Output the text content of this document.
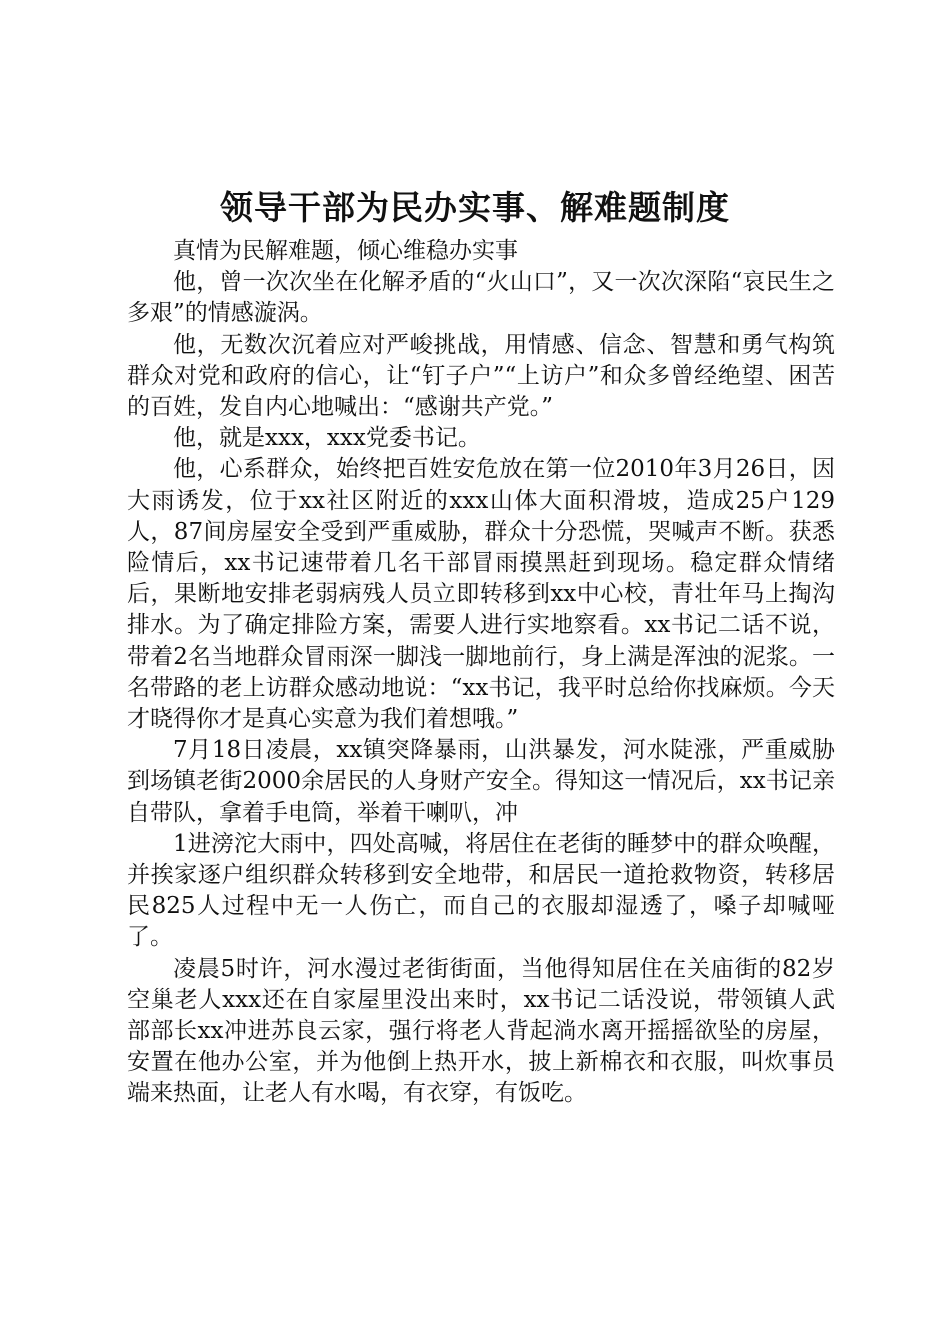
领导干部为民办实事、解难题制度

真情为民解难题，倾心维稳办实事

他，曾一次次坐在化解矛盾的“火山口”，又一次次深陷“哀民生之多艰”的情感漩涡。

他，无数次沉着应对严峻挑战，用情感、信念、智慧和勇气构筑群众对党和政府的信心，让“钉子户”“上访户”和众多曾经绝望、困苦的百姓，发自内心地喊出：“感谢共产党。”

他，就是xxx，xxx党委书记。

他，心系群众，始终把百姓安危放在第一位2010年3月26日，因大雨诱发，位于xx社区附近的xxx山体大面积滑坡，造成25户129人，87间房屋安全受到严重威胁，群众十分恐慌，哭喊声不断。获悉险情后，xx书记速带着几名干部冒雨摸黑赶到现场。稳定群众情绪后，果断地安排老弱病残人员立即转移到xx中心校，青壮年马上掏沟排水。为了确定排险方案，需要人进行实地察看。xx书记二话不说，带着2名当地群众冒雨深一脚浅一脚地前行，身上满是浑浊的泥浆。一名带路的老上访群众感动地说：“xx书记，我平时总给你找麻烦。今天才晓得你才是真心实意为我们着想哦。”

7月18日凌晨，xx镇突降暴雨，山洪暴发，河水陡涨，严重威胁到场镇老街2000余居民的人身财产安全。得知这一情况后，xx书记亲自带队，拿着手电筒，举着干喇叭，冲

1进滂沱大雨中，四处高喊，将居住在老街的睡梦中的群众唤醒，并挨家逐户组织群众转移到安全地带，和居民一道抢救物资，转移居民825人过程中无一人伤亡，而自己的衣服却湿透了，嗓子却喊哑了。

凌晨5时许，河水漫过老街街面，当他得知居住在关庙街的82岁空巢老人xxx还在自家屋里没出来时，xx书记二话没说，带领镇人武部部长xx冲进苏良云家，强行将老人背起淌水离开摇摇欲坠的房屋，安置在他办公室，并为他倒上热开水，披上新棉衣和衣服，叫炊事员端来热面，让老人有水喝，有衣穿，有饭吃。
